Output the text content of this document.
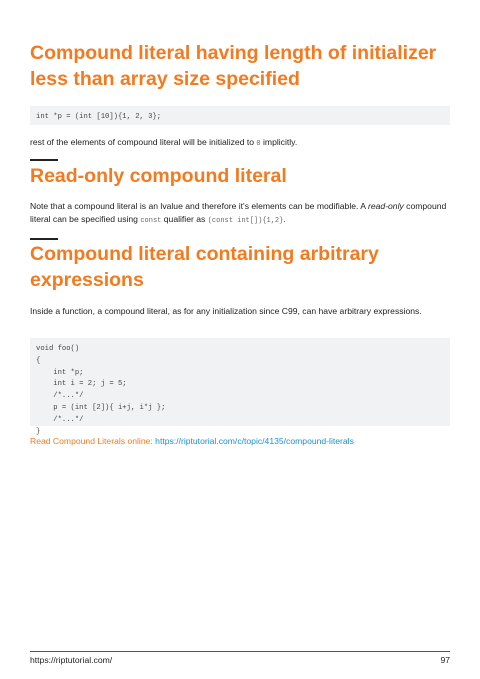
Compound literal having length of initializer less than array size specified
int *p = (int [10]){1, 2, 3};

rest of the elements of compound literal will be initialized to 0 implicitly.

Read-only compound literal

Note that a compound literal is an lvalue and therefore it's elements can be modifiable. A read-only compound literal can be specified using const qualifier as (const int[]){1,2}.

Compound literal containing arbitrary expressions

Inside a function, a compound literal, as for any initialization since C99, can have arbitrary expressions.

void foo()
{
int *p;
int i = 2; j = 5;
/*...*/
p = (int [2]){ i+j, i*j };
/*...*/
}
Read Compound Literals online: https://riptutorial.com/c/topic/4135/compound-literals
https://riptutorial.com/	97
